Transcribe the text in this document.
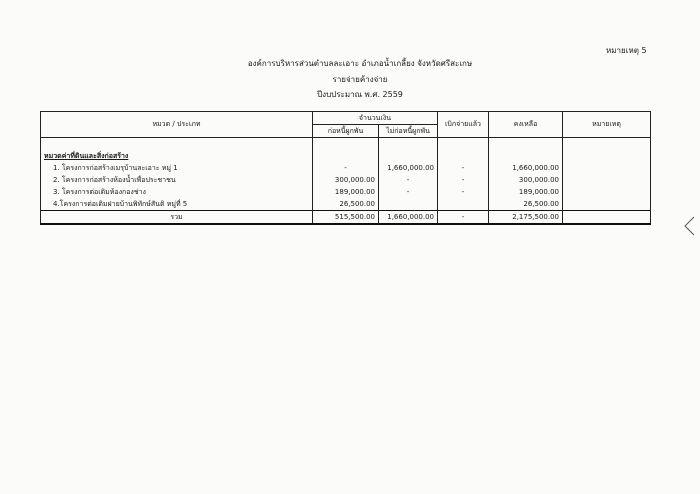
หมายเหตุ 5
องค์การบริหารส่วนตำบลละเอาะ อำเภอน้ำเกลี้ยง จังหวัดศรีสะเกษ
รายจ่ายค้างจ่าย
ปีงบประมาณ พ.ศ. 2559
หมวด / ประเภท	จำนวนเงิน		เบิกจ่ายแล้ว	คงเหลือ	หมายเหตุ
	ก่อหนี้ผูกพัน	ไม่ก่อหนี้ผูกพัน			

หมวดค่าที่ดินและสิ่งก่อสร้าง					
1. โครงการก่อสร้างเมรุบ้านละเอาะ หมู่ 1	-	1,660,000.00	-	1,660,000.00	
2. โครงการก่อสร้างห้องน้ำเพื่อประชาชน	300,000.00	-	-	300,000.00	
3. โครงการต่อเติมห้องกองช่าง	189,000.00	-	-	189,000.00	
4.โครงการต่อเติมฝายบ้านพิทักษ์สันติ หมู่ที่ 5	26,500.00			26,500.00	
รวม	515,500.00	1,660,000.00	-	2,175,500.00	
